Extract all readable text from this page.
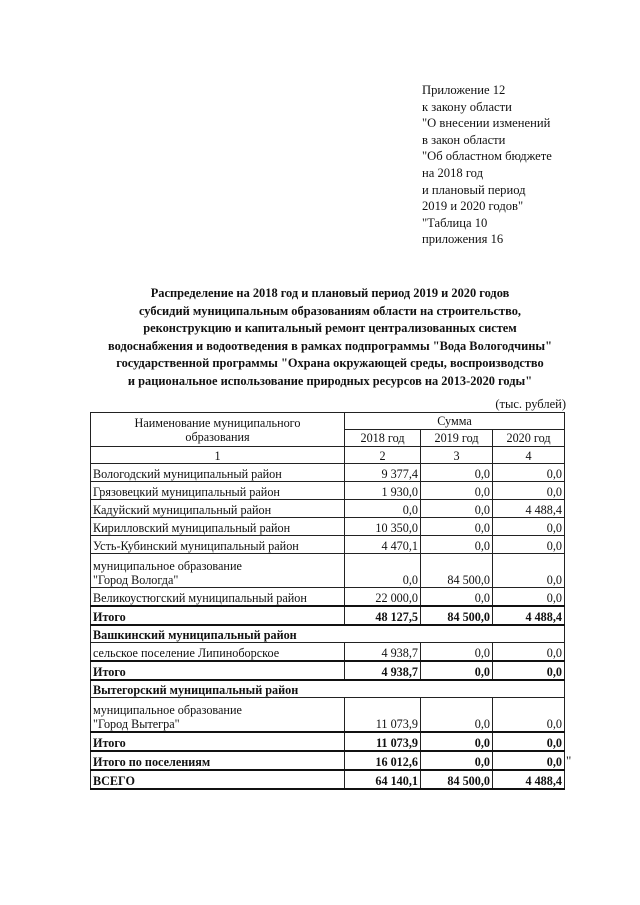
Приложение 12
к закону области
"О внесении изменений
в закон области
"Об областном бюджете
на 2018 год
и плановый период
2019 и 2020 годов"
"Таблица 10
приложения 16
Распределение на 2018 год и плановый период 2019 и 2020 годов
субсидий муниципальным образованиям области на строительство,
реконструкцию и капитальный ремонт централизованных систем
водоснабжения и водоотведения в рамках подпрограммы "Вода Вологодчины"
государственной программы "Охрана окружающей среды, воспроизводство
и рациональное использование природных ресурсов на 2013-2020 годы"
(тыс. рублей)
Наименование муниципального
образования	Сумма		
	2018 год	2019 год	2020 год
1	2	3	4
Вологодский муниципальный район	9 377,4	0,0	0,0
Грязовецкий муниципальный район	1 930,0	0,0	0,0
Кадуйский муниципальный район	0,0	0,0	4 488,4
Кирилловский муниципальный район	10 350,0	0,0	0,0
Усть-Кубинский муниципальный район	4 470,1	0,0	0,0

муниципальное образование
"Город Вологда"	0,0	84 500,0	0,0
Великоустюгский муниципальный район	22 000,0	0,0	0,0
Итого	48 127,5	84 500,0	4 488,4
Вашкинский муниципальный район			
сельское поселение Липиноборское	4 938,7	0,0	0,0
Итого	4 938,7	0,0	0,0
Вытегорский муниципальный район			

муниципальное образование
"Город Вытегра"	11 073,9	0,0	0,0
Итого	11 073,9	0,0	0,0
Итого по поселениям	16 012,6	0,0	0,0
ВСЕГО	64 140,1	84 500,0	4 488,4
"
